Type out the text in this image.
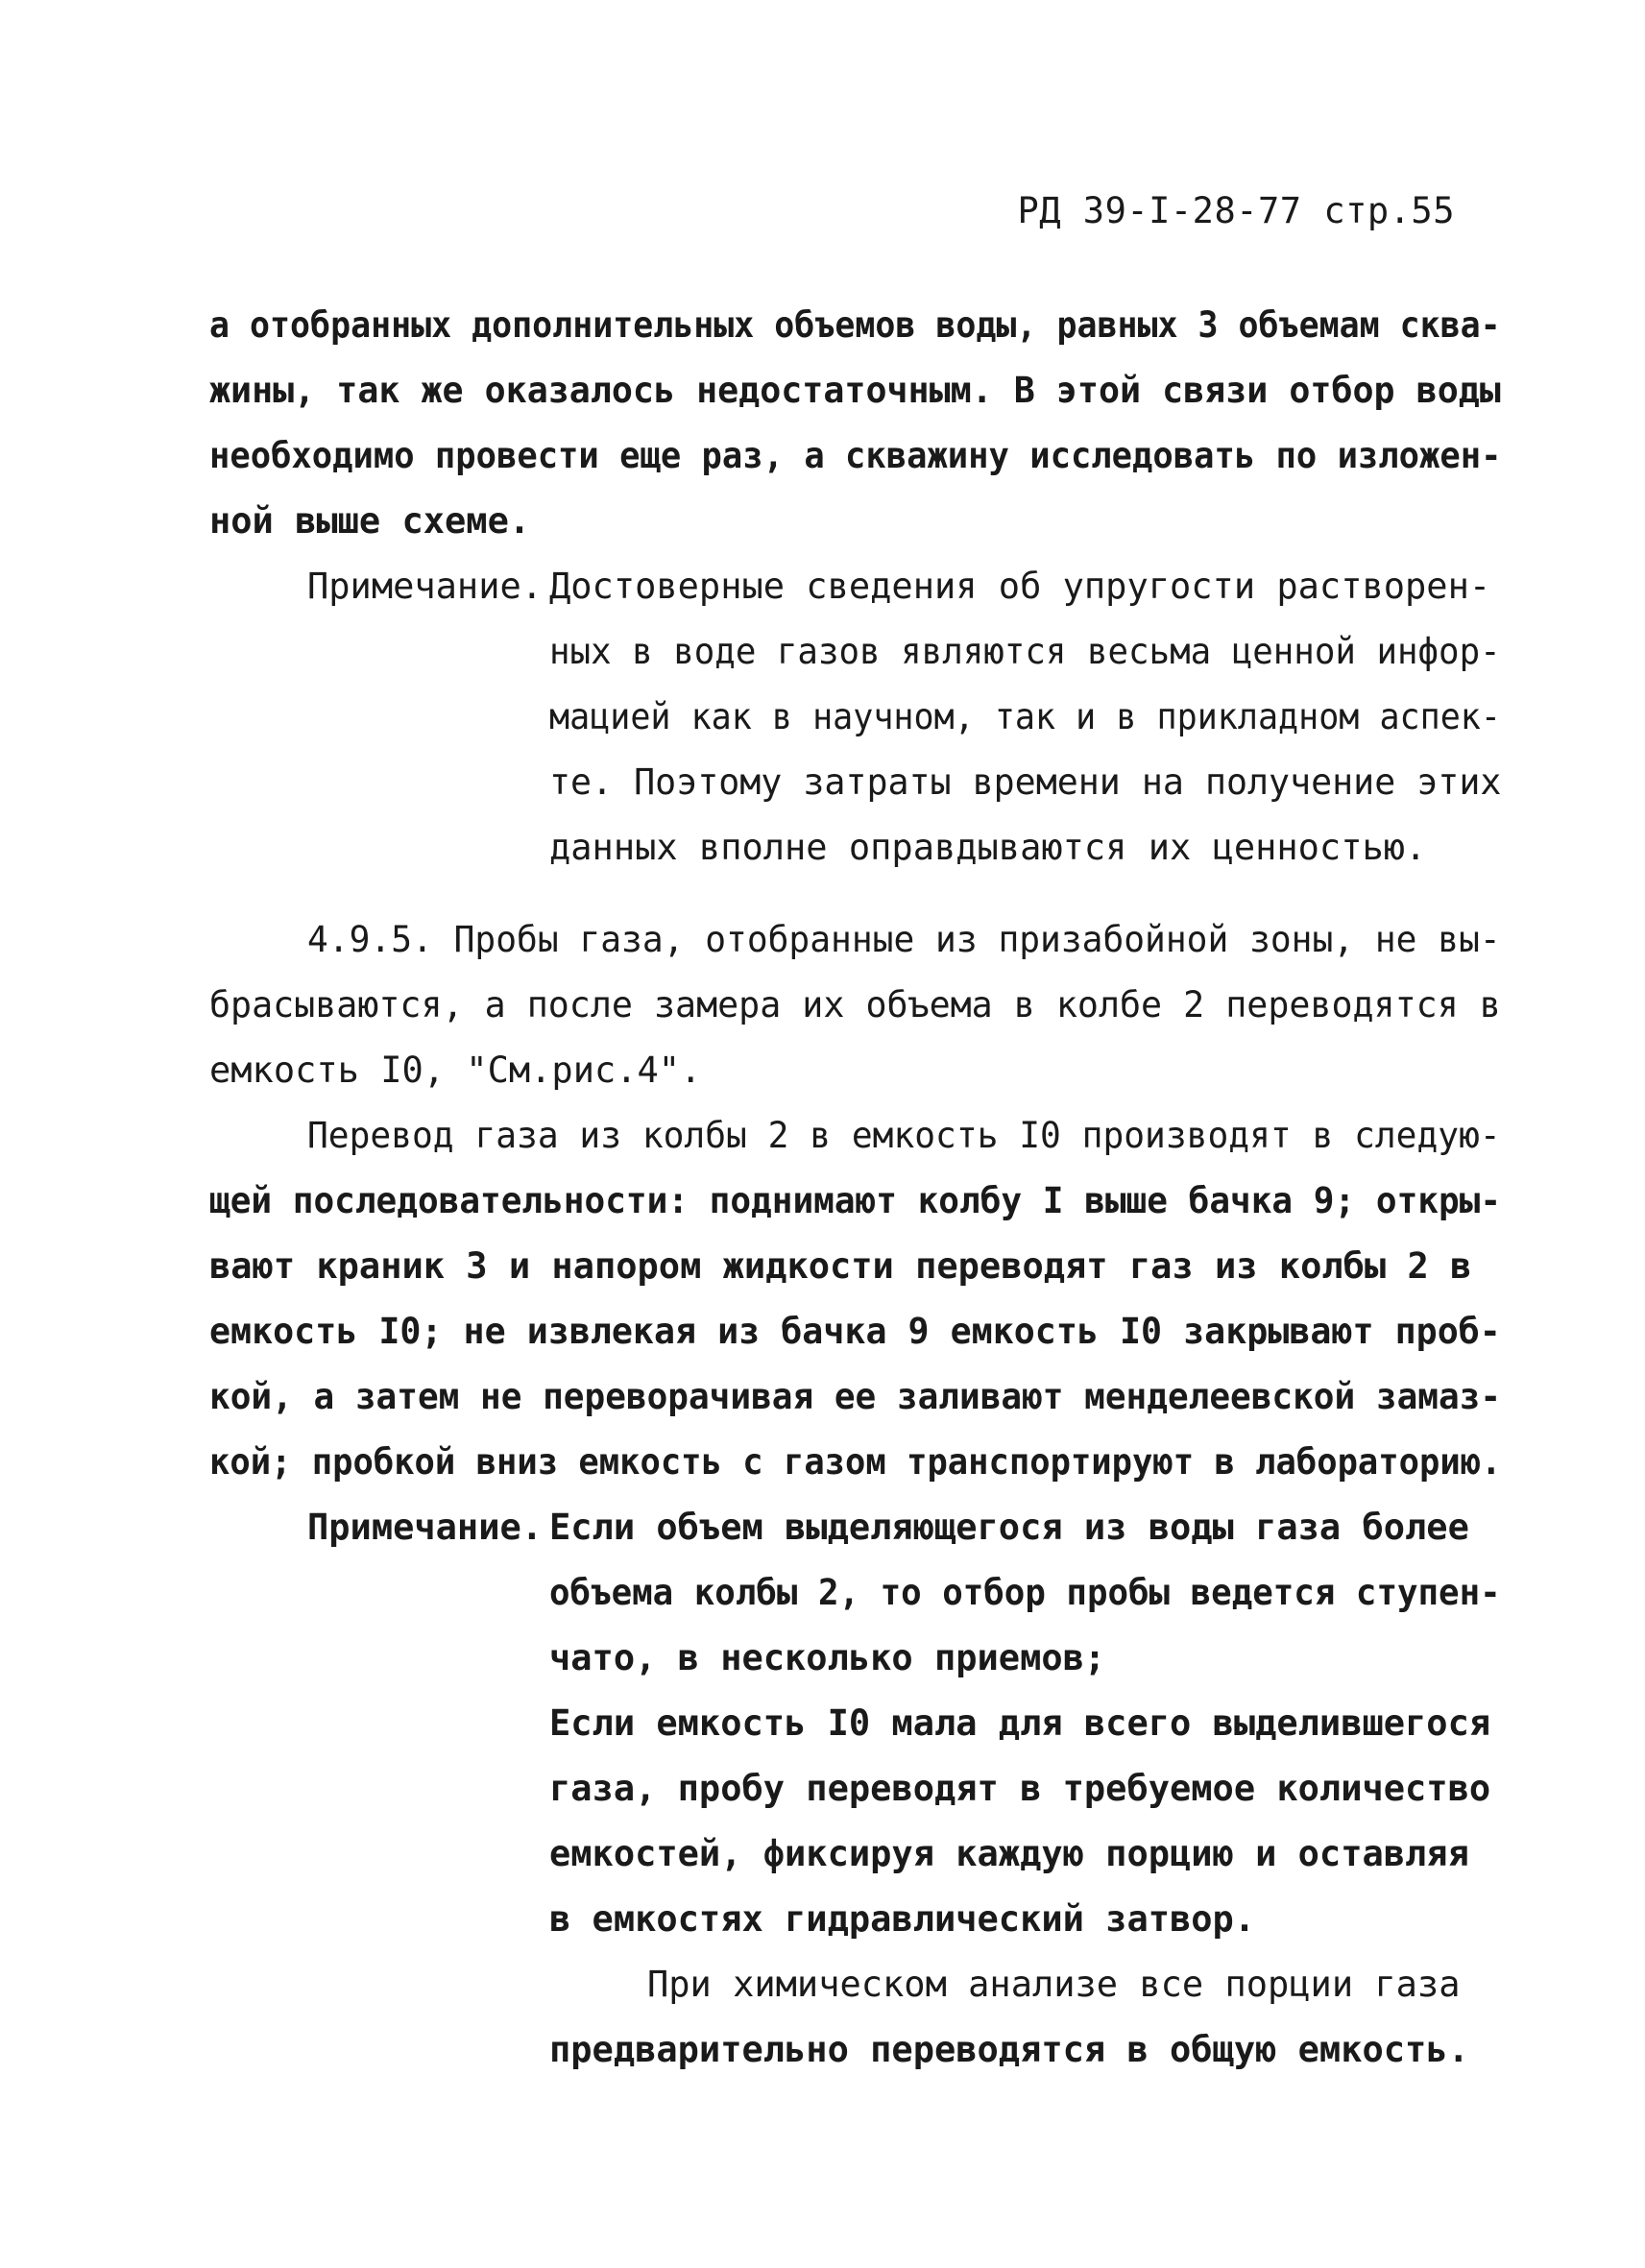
РД 39-I-28-77 стр.55
а отобранных дополнительных объемов воды, равных 3 объемам сква-
жины, так же оказалось недостаточным. В этой связи отбор воды
необходимо провести еще раз, а скважину исследовать по изложен-
ной выше схеме.
Примечание. Достоверные сведения об упругости растворен-
ных в воде газов являются весьма ценной инфор-
мацией как в научном, так и в прикладном аспек-
те. Поэтому затраты времени на получение этих
данных вполне оправдываются их ценностью.
4.9.5. Пробы газа, отобранные из призабойной зоны, не вы-
брасываются, а после замера их объема в колбе 2 переводятся в
емкость I0, "См.рис.4".
Перевод газа из колбы 2 в емкость I0 производят в следую-
щей последовательности: поднимают колбу I выше бачка 9; откры-
вают краник 3 и напором жидкости переводят газ из колбы 2 в
емкость I0; не извлекая из бачка 9 емкость I0 закрывают проб-
кой, а затем не переворачивая ее заливают менделеевской замаз-
кой; пробкой вниз емкость с газом транспортируют в лабораторию.
Примечание. Если объем выделяющегося из воды газа более
объема колбы 2, то отбор пробы ведется ступен-
чато, в несколько приемов;
Если емкость I0 мала для всего выделившегося
газа, пробу переводят в требуемое количество
емкостей, фиксируя каждую порцию и оставляя
в емкостях гидравлический затвор.
При химическом анализе все порции газа
предварительно переводятся в общую емкость.
